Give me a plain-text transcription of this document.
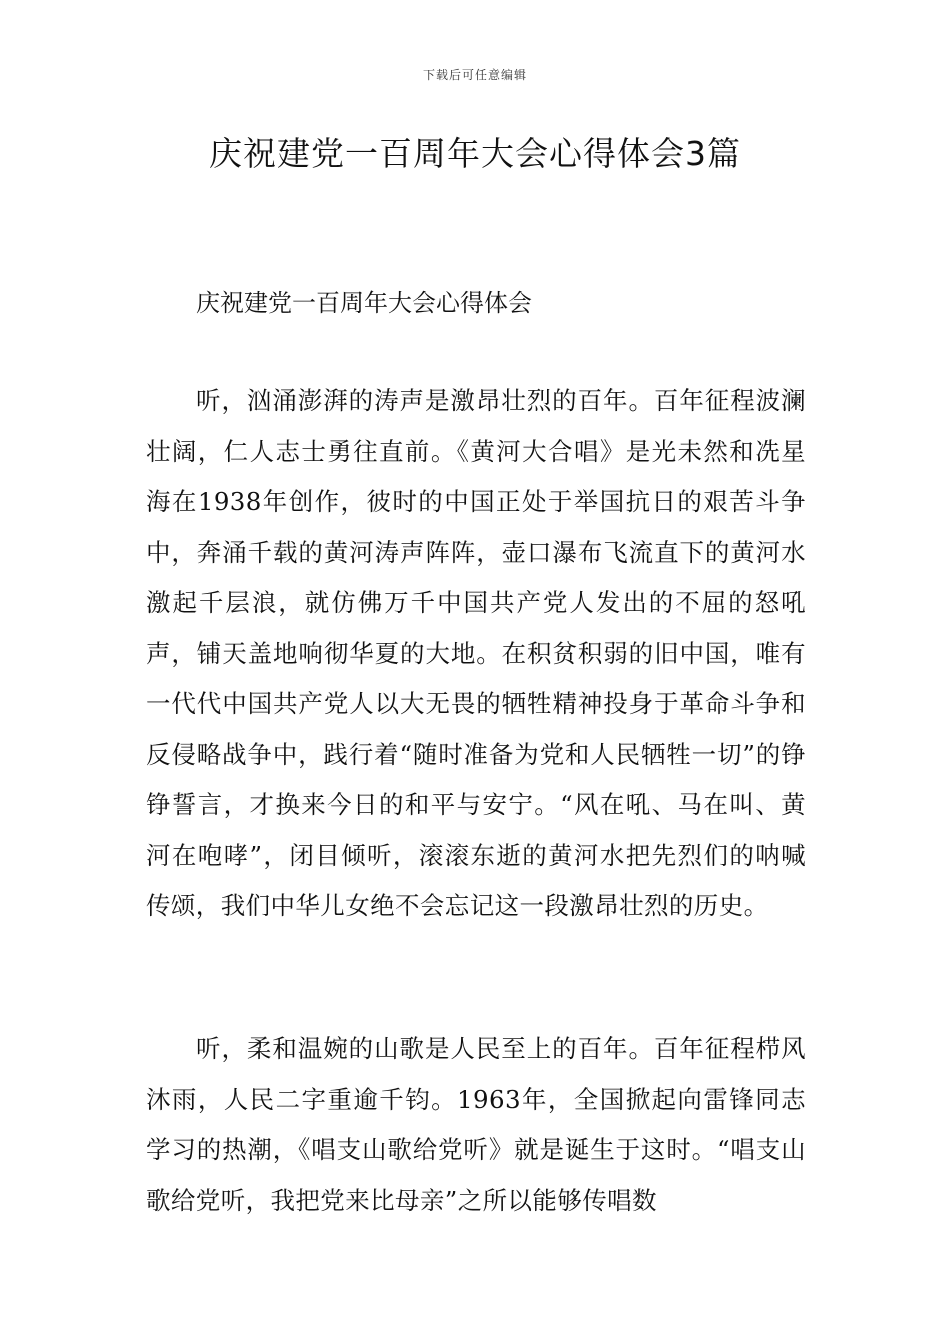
下载后可任意编辑
庆祝建党一百周年大会心得体会3篇

庆祝建党一百周年大会心得体会

听，汹涌澎湃的涛声是激昂壮烈的百年。百年征程波澜壮阔，仁人志士勇往直前。《黄河大合唱》是光未然和冼星海在1938年创作，彼时的中国正处于举国抗日的艰苦斗争中，奔涌千载的黄河涛声阵阵，壶口瀑布飞流直下的黄河水激起千层浪，就仿佛万千中国共产党人发出的不屈的怒吼声，铺天盖地响彻华夏的大地。在积贫积弱的旧中国，唯有一代代中国共产党人以大无畏的牺牲精神投身于革命斗争和反侵略战争中，践行着“随时准备为党和人民牺牲一切”的铮铮誓言，才换来今日的和平与安宁。“风在吼、马在叫、黄河在咆哮”，闭目倾听，滚滚东逝的黄河水把先烈们的呐喊传颂，我们中华儿女绝不会忘记这一段激昂壮烈的历史。

听，柔和温婉的山歌是人民至上的百年。百年征程栉风沐雨，人民二字重逾千钧。1963年，全国掀起向雷锋同志学习的热潮，《唱支山歌给党听》就是诞生于这时。“唱支山歌给党听，我把党来比母亲”之所以能够传唱数
